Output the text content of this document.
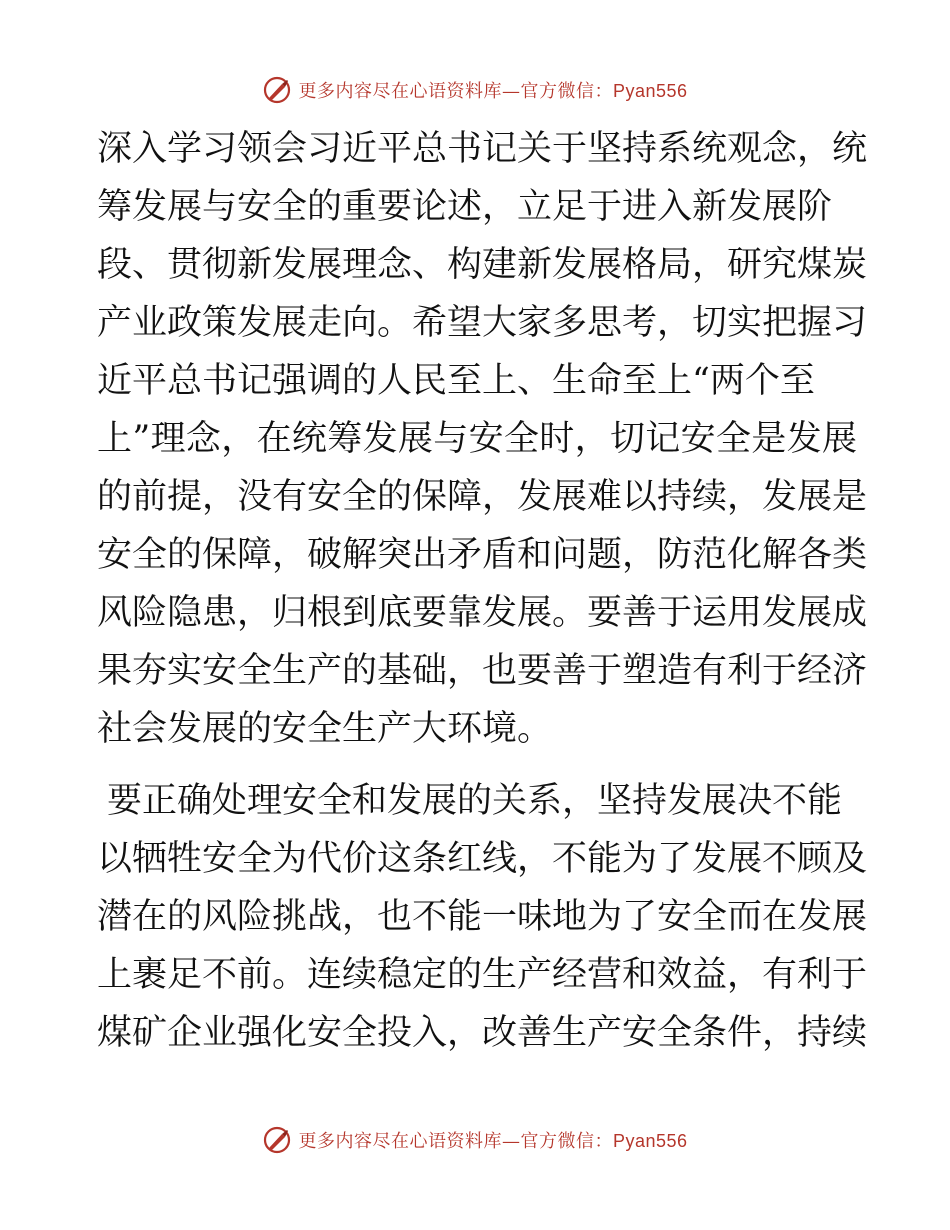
更多内容尽在心语资料库—官方微信：Pyan556
深入学习领会习近平总书记关于坚持系统观念，统
筹发展与安全的重要论述，立足于进入新发展阶
段、贯彻新发展理念、构建新发展格局，研究煤炭
产业政策发展走向。希望大家多思考，切实把握习
近平总书记强调的人民至上、生命至上“两个至
上”理念，在统筹发展与安全时，切记安全是发展
的前提，没有安全的保障，发展难以持续，发展是
安全的保障，破解突出矛盾和问题，防范化解各类
风险隐患，归根到底要靠发展。要善于运用发展成
果夯实安全生产的基础，也要善于塑造有利于经济
社会发展的安全生产大环境。
要正确处理安全和发展的关系，坚持发展决不能
以牺牲安全为代价这条红线，不能为了发展不顾及
潜在的风险挑战，也不能一味地为了安全而在发展
上裹足不前。连续稳定的生产经营和效益，有利于
煤矿企业强化安全投入，改善生产安全条件，持续
更多内容尽在心语资料库—官方微信：Pyan556
